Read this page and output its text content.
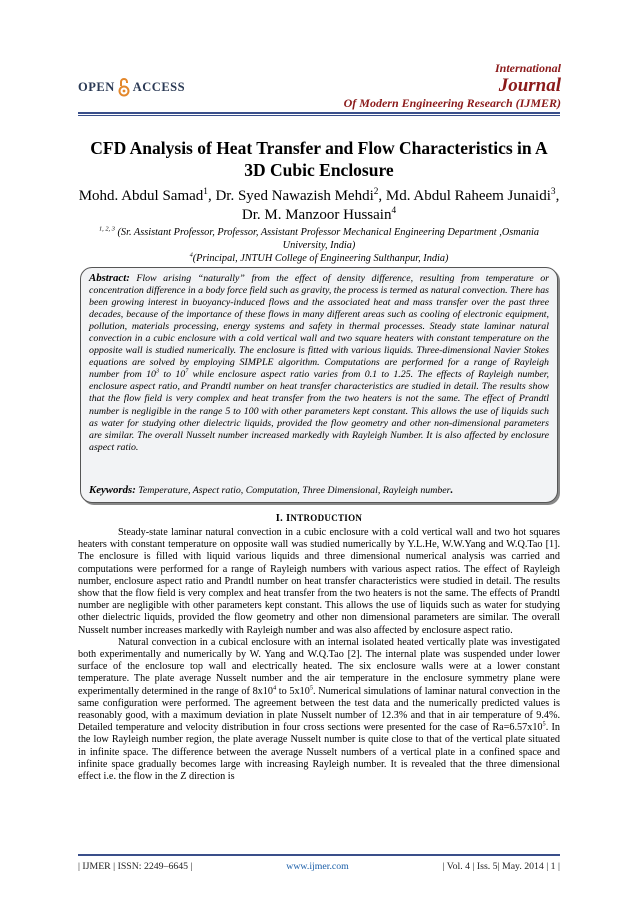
OPEN ACCESS
International
Journal
Of Modern Engineering Research (IJMER)
CFD Analysis of Heat Transfer and Flow Characteristics in A 3D Cubic Enclosure
Mohd. Abdul Samad$^1$, Dr. Syed Nawazish Mehdi$^2$, Md. Abdul Raheem Junaidi$^3$,
Dr. M. Manzoor Hussain$^4$
$^{1, 2, 3}$ (Sr. Assistant Professor, Professor, Assistant Professor Mechanical Engineering Department ,Osmania University, India)
$^4$(Principal, JNTUH College of Engineering Sulthanpur, India)
Abstract: Flow arising “naturally” from the effect of density difference, resulting from temperature or concentration difference in a body force field such as gravity, the process is termed as natural convection. There has been growing interest in buoyancy-induced flows and the associated heat and mass transfer over the past three decades, because of the importance of these flows in many different areas such as cooling of electronic equipment, pollution, materials processing, energy systems and safety in thermal processes. Steady state laminar natural convection in a cubic enclosure with a cold vertical wall and two square heaters with constant temperature on the opposite wall is studied numerically. The enclosure is fitted with various liquids. Three-dimensional Navier Stokes equations are solved by employing SIMPLE algorithm. Computations are performed for a range of Rayleigh number from $10^3$ to $10^7$ while enclosure aspect ratio varies from 0.1 to 1.25. The effects of Rayleigh number, enclosure aspect ratio, and Prandtl number on heat transfer characteristics are studied in detail. The results show that the flow field is very complex and heat transfer from the two heaters is not the same. The effect of Prandtl number is negligible in the range 5 to 100 with other parameters kept constant. This allows the use of liquids such as water for studying other dielectric liquids, provided the flow geometry and other non-dimensional parameters are similar. The overall Nusselt number increased markedly with Rayleigh Number. It is also affected by enclosure aspect ratio.
Keywords: Temperature, Aspect ratio, Computation, Three Dimensional, Rayleigh number.
I. INTRODUCTION

Steady-state laminar natural convection in a cubic enclosure with a cold vertical wall and two hot squares heaters with constant temperature on opposite wall was studied numerically by Y.L.He, W.W.Yang and W.Q.Tao [1]. The enclosure is filled with liquid various liquids and three dimensional numerical analysis was carried and computations were performed for a range of Rayleigh numbers with various aspect ratios. The effect of Rayleigh number, enclosure aspect ratio and Prandtl number on heat transfer characteristics were studied in detail. The results show that the flow field is very complex and heat transfer from the two heaters is not the same. The effects of Prandtl number are negligible with other parameters kept constant. This allows the use of liquids such as water for studying other dielectric liquids, provided the flow geometry and other non dimensional parameters are similar. The overall Nusselt number increases markedly with Rayleigh number and was also affected by enclosure aspect ratio.

Natural convection in a cubical enclosure with an internal isolated heated vertically plate was investigated both experimentally and numerically by W. Yang and W.Q.Tao [2]. The internal plate was suspended under lower surface of the enclosure top wall and electrically heated. The six enclosure walls were at a lower constant temperature. The plate average Nusselt number and the air temperature in the enclosure symmetry plane were experimentally determined in the range of $8x10^4$ to $5x10^5$. Numerical simulations of laminar natural convection in the same configuration were performed. The agreement between the test data and the numerically predicted values is reasonably good, with a maximum deviation in plate Nusselt number of 12.3% and that in air temperature of 9.4%. Detailed temperature and velocity distribution in four cross sections were presented for the case of $Ra=6.57x10^5$. In the low Rayleigh number region, the plate average Nusselt number is quite close to that of the vertical plate situated in infinite space. The difference between the average Nusselt numbers of a vertical plate in a confined space and infinite space gradually becomes large with increasing Rayleigh number. It is revealed that the three dimensional effect i.e. the flow in the Z direction is

| IJMER | ISSN: 2249–6645 |	www.ijmer.com	| Vol. 4 | Iss. 5| May. 2014 | 1 |
